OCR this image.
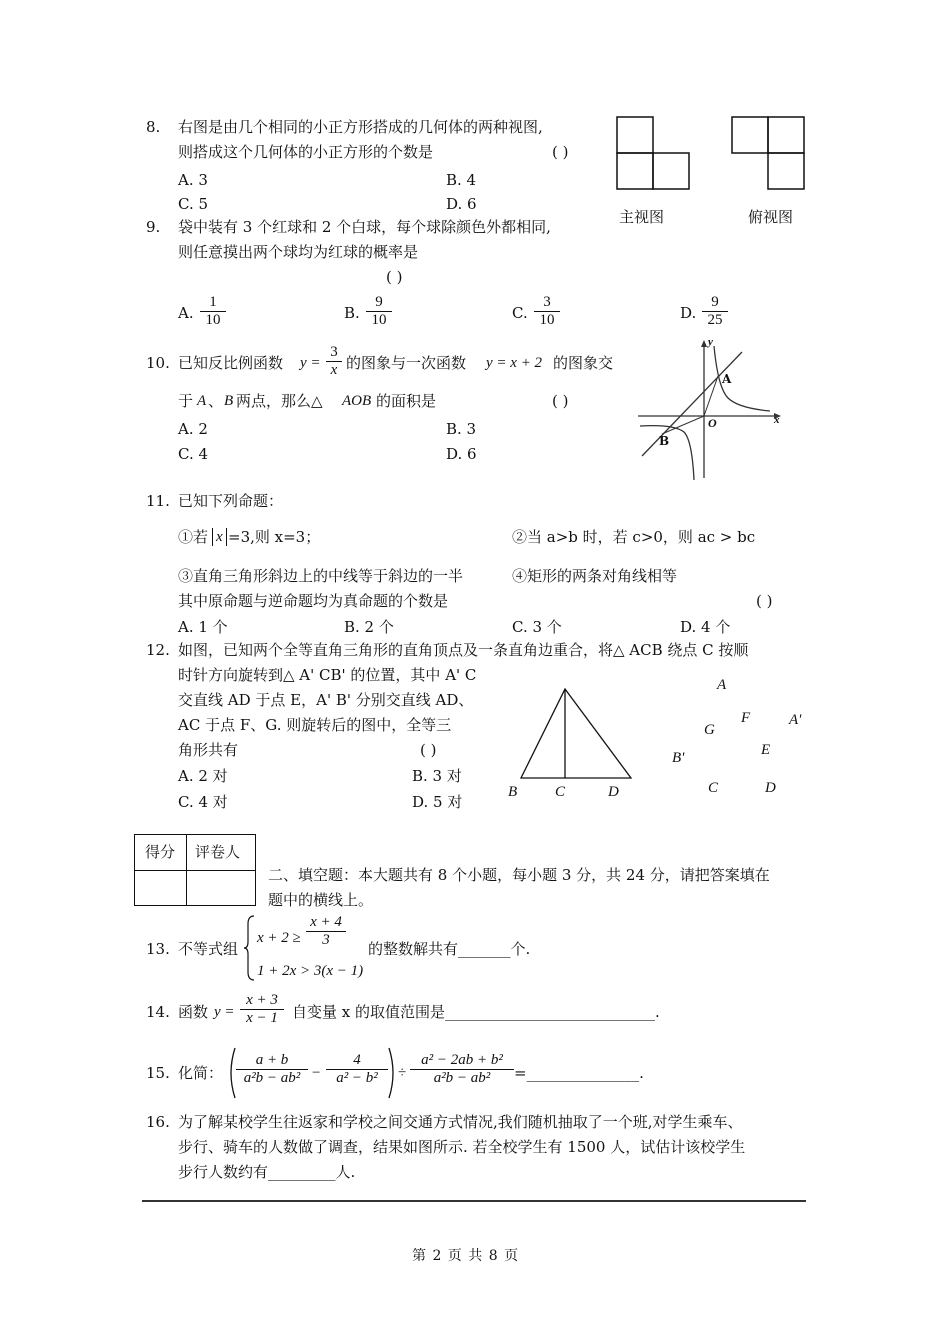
8. 右图是由几个相同的小正方形搭成的几何体的两种视图,
则搭成这个几何体的小正方形的个数是	( )
A. 3	B. 4
C. 5	D. 6
主视图	俯视图
9. 袋中装有 3 个红球和 2 个白球，每个球除颜色外都相同,
则任意摸出两个球均为红球的概率是
( )
A. $\frac{1}{10}$	B. $\frac{9}{10}$	C. $\frac{3}{10}$	D. $\frac{9}{25}$
10. 已知反比例函数 $y = \frac{3}{x}$ 的图象与一次函数 y = x + 2 的图象交
于 A 、 B 两点，那么△ AOB 的面积是	( )
A. 2	B. 3
C. 4	D. 6
y
x
A
B
O
11. 已知下列命题：
①若 x =3,则 x=3；	②当 a>b 时，若 c>0，则 ac > bc
③直角三角形斜边上的中线等于斜边的一半	④矩形的两条对角线相等
其中原命题与逆命题均为真命题的个数是	( )
A. 1 个	B. 2 个	C. 3 个	D. 4 个
12. 如图，已知两个全等直角三角形的直角顶点及一条直角边重合，将△ ACB 绕点 C 按顺
时针方向旋转到△ A' CB' 的位置，其中 A' C
交直线 AD 于点 E，A' B' 分别交直线 AD、
AC 于点 F、G. 则旋转后的图中，全等三
角形共有	( )
A. 2 对	B. 3 对
C. 4 对	D. 5 对
B	C	D
A
F	A'
G
E
B'
C	D
得分 评卷人
二、填空题：本大题共有 8 个小题，每小题 3 分，共 24 分，请把答案填在
题中的横线上。
13. 不等式组
$x + 2 \ge \frac{x + 4}{3}$
1 + 2x > 3(x − 1)
的整数解共有_______个.
14. 函数 $y = \frac{x + 3}{x - 1}$ 自变量 x 的取值范围是____________________________.
15. 化简： $\frac{a + b}{\text{a²b − ab²}} - \frac{4}{\text{a² − b²}} \div \frac{\text{a² − 2ab + b²}}{\text{a²b − ab²}}$ =_______________.
16. 为了解某校学生往返家和学校之间交通方式情况,我们随机抽取了一个班,对学生乘车、
步行、骑车的人数做了调查，结果如图所示. 若全校学生有 1500 人，试估计该校学生
步行人数约有_________人.
第 2 页 共 8 页
